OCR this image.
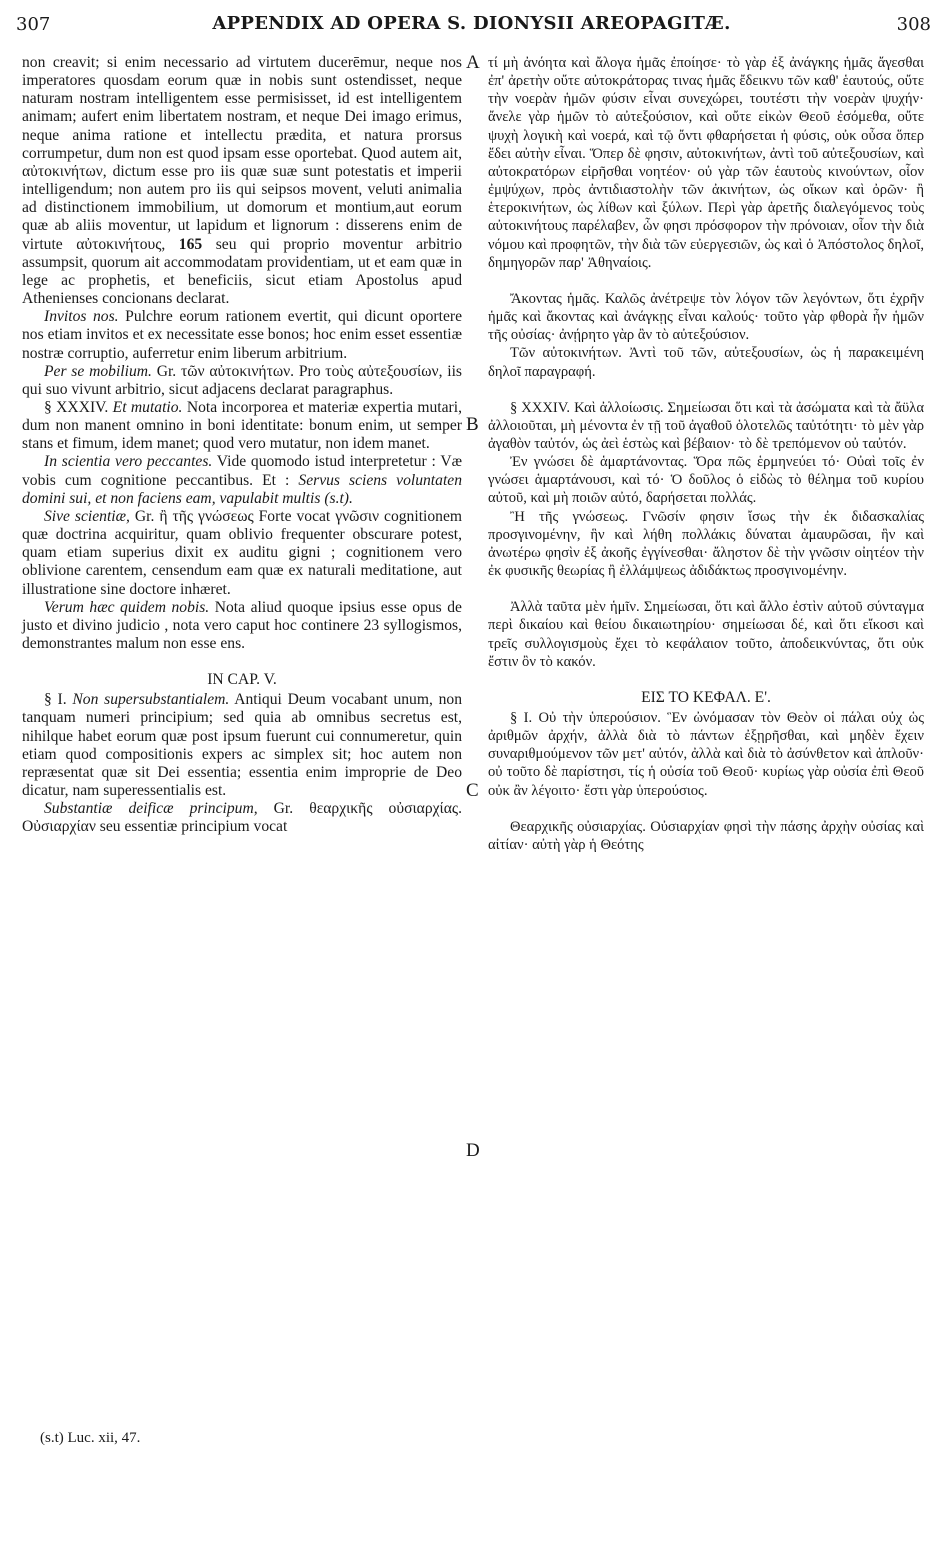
307	APPENDIX AD OPERA S. DIONYSII AREOPAGITÆ.	308
A
B
C
D

non creavit; si enim necessario ad virtutem ducerēmur, neque nos imperatores quosdam eorum quæ in nobis sunt ostendisset, neque naturam nostram intelligentem esse permisisset, id est intelligentem animam; aufert enim libertatem nostram, et neque Dei imago erimus, neque anima ratione et intellectu prædita, et natura prorsus corrumpetur, dum non est quod ipsam esse oportebat. Quod autem ait, αὐτοκινήτων, dictum esse pro iis quæ suæ sunt potestatis et imperii intelligendum; non autem pro iis qui seipsos movent, veluti animalia ad distinctionem immobilium, ut domorum et montium,aut eorum quæ ab aliis moventur, ut lapidum et lignorum : disserens enim de virtute αὐτοκινήτους, 165 seu qui proprio moventur arbitrio assumpsit, quorum ait accommodatam providentiam, ut et eam quæ in lege ac prophetis, et beneficiis, sicut etiam Apostolus apud Athenienses concionans declarat.

Invitos nos. Pulchre eorum rationem evertit, qui dicunt oportere nos etiam invitos et ex necessitate esse bonos; hoc enim esset essentiæ nostræ corruptio, auferretur enim liberum arbitrium.

Per se mobilium. Gr. τῶν αὐτοκινήτων. Pro τοὺς αὐτεξουσίων, iis qui suo vivunt arbitrio, sicut adjacens declarat paragraphus.

§ XXXIV. Et mutatio. Nota incorporea et materiæ expertia mutari, dum non manent omnino in boni identitate: bonum enim, ut semper stans et fimum, idem manet; quod vero mutatur, non idem manet.

In scientia vero peccantes. Vide quomodo istud interpretetur : Væ vobis cum cognitione peccantibus. Et : Servus sciens voluntaten domini sui, et non faciens eam, vapulabit multis (s.t).

Sive scientiæ, Gr. ἢ τῆς γνώσεως Forte vocat γνῶσιν cognitionem quæ doctrina acquiritur, quam oblivio frequenter obscurare potest, quam etiam superius dixit ex auditu gigni ; cognitionem vero oblivione carentem, censendum eam quæ ex naturali meditatione, aut illustratione sine doctore inhæret.

Verum hæc quidem nobis. Nota aliud quoque ipsius esse opus de justo et divino judicio , nota vero caput hoc continere 23 syllogismos, demonstrantes malum non esse ens.

IN CAP. V.

§ I. Non supersubstantialem. Antiqui Deum vocabant unum, non tanquam numeri principium; sed quia ab omnibus secretus est, nihilque habet eorum quæ post ipsum fuerunt cui connumeretur, quin etiam quod compositionis expers ac simplex sit; hoc autem non repræsentat quæ sit Dei essentia; essentia enim improprie de Deo dicatur, nam superessentialis est.

Substantiæ deificæ principum, Gr. θεαρχικῆς οὐσιαρχίας. Οὐσιαρχίαν seu essentiæ principium vocat

τί μὴ ἀνόητα καὶ ἄλογα ἡμᾶς ἐποίησε· τὸ γὰρ ἐξ ἀνάγκης ἡμᾶς ἄγεσθαι ἐπ' ἀρετὴν οὔτε αὐτοκράτορας τινας ἡμᾶς ἔδεικνυ τῶν καθ' ἑαυτούς, οὔτε τὴν νοερὰν ἡμῶν φύσιν εἶναι συνεχώρει, τουτέστι τὴν νοερὰν ψυχήν· ἄνελε γὰρ ἡμῶν τὸ αὐτεξούσιον, καὶ οὔτε εἰκὼν Θεοῦ ἐσόμεθα, οὔτε ψυχὴ λογικὴ καὶ νοερά, καὶ τῷ ὄντι φθαρήσεται ἡ φύσις, οὐκ οὖσα ὅπερ ἔδει αὐτὴν εἶναι. Ὅπερ δὲ φησιν, αὐτοκινήτων, ἀντὶ τοῦ αὐτεξουσίων, καὶ αὐτοκρατόρων εἰρῆσθαι νοητέον· οὐ γὰρ τῶν ἑαυτοὺς κινούντων, οἷον ἐμψύχων, πρὸς ἀντιδιαστολὴν τῶν ἀκινήτων, ὡς οἴκων καὶ ὀρῶν· ἢ ἑτεροκινήτων, ὡς λίθων καὶ ξύλων. Περὶ γὰρ ἀρετῆς διαλεγόμενος τοὺς αὐτοκινήτους παρέλαβεν, ὧν φησι πρόσφορον τὴν πρόνοιαν, οἷον τὴν διὰ νόμου καὶ προφητῶν, τὴν διὰ τῶν εὐεργεσιῶν, ὡς καὶ ὁ Ἀπόστολος δηλοῖ, δημηγορῶν παρ' Ἀθηναίοις.

Ἄκοντας ἡμᾶς. Καλῶς ἀνέτρεψε τὸν λόγον τῶν λεγόντων, ὅτι ἐχρῆν ἡμᾶς καὶ ἄκοντας καὶ ἀνάγκῃς εἶναι καλούς· τοῦτο γὰρ φθορὰ ἦν ἡμῶν τῆς οὐσίας· ἀνῄρητο γὰρ ἂν τὸ αὐτεξούσιον.

Τῶν αὐτοκινήτων. Ἀντὶ τοῦ τῶν, αὐτεξουσίων, ὡς ἡ παρακειμένη δηλοῖ παραγραφή.

§ XXXIV. Καὶ ἀλλοίωσις. Σημείωσαι ὅτι καὶ τὰ ἀσώματα καὶ τὰ ἄϋλα ἀλλοιοῦται, μὴ μένοντα ἐν τῇ τοῦ ἀγαθοῦ ὁλοτελῶς ταὐτότητι· τὸ μὲν γὰρ ἀγαθὸν ταὐτόν, ὡς ἀεὶ ἑστὼς καὶ βέβαιον· τὸ δὲ τρεπόμενον οὐ ταὐτόν.

Ἐν γνώσει δὲ ἁμαρτάνοντας. Ὅρα πῶς ἑρμηνεύει τό· Οὐαὶ τοῖς ἐν γνώσει ἁμαρτάνουσι, καὶ τό· Ὁ δοῦλος ὁ εἰδὼς τὸ θέλημα τοῦ κυρίου αὐτοῦ, καὶ μὴ ποιῶν αὐτό, δαρήσεται πολλάς.

Ἢ τῆς γνώσεως. Γνῶσίν φησιν ἴσως τὴν ἐκ διδασκαλίας προσγινομένην, ἣν καὶ λήθη πολλάκις δύναται ἀμαυρῶσαι, ἣν καὶ ἀνωτέρω φησὶν ἐξ ἀκοῆς ἐγγίνεσθαι· ἄληστον δὲ τὴν γνῶσιν οἰητέον τὴν ἐκ φυσικῆς θεωρίας ἢ ἐλλάμψεως ἀδιδάκτως προσγινομένην.

Ἀλλὰ ταῦτα μὲν ἡμῖν. Σημείωσαι, ὅτι καὶ ἄλλο ἐστὶν αὐτοῦ σύνταγμα περὶ δικαίου καὶ θείου δικαιωτηρίου· σημείωσαι δέ, καὶ ὅτι εἴκοσι καὶ τρεῖς συλλογισμοὺς ἔχει τὸ κεφάλαιον τοῦτο, ἀποδεικνύντας, ὅτι οὐκ ἔστιν ὂν τὸ κακόν.

ΕΙΣ ΤΟ ΚΕΦΑΛ. Ε'.

§ I. Οὐ τὴν ὑπερούσιον. Ἓν ὠνόμασαν τὸν Θεὸν οἱ πάλαι οὐχ ὡς ἀριθμῶν ἀρχήν, ἀλλὰ διὰ τὸ πάντων ἐξῃρῆσθαι, καὶ μηδὲν ἔχειν συναριθμούμενον τῶν μετ' αὐτόν, ἀλλὰ καὶ διὰ τὸ ἀσύνθετον καὶ ἁπλοῦν· οὐ τοῦτο δὲ παρίστησι, τίς ἡ οὐσία τοῦ Θεοῦ· κυρίως γὰρ οὐσία ἐπὶ Θεοῦ οὐκ ἂν λέγοιτο· ἔστι γὰρ ὑπερούσιος.

Θεαρχικῆς οὐσιαρχίας. Οὐσιαρχίαν φησὶ τὴν πάσης ἀρχὴν οὐσίας καὶ αἰτίαν· αὐτὴ γὰρ ἡ Θεότης

(s.t) Luc. xii, 47.
